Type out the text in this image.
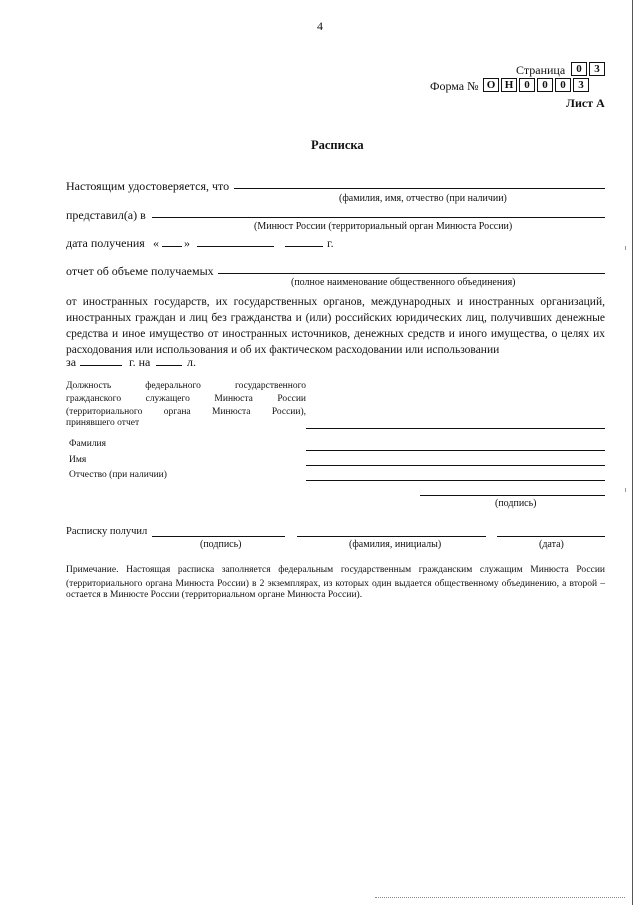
4
Страница	0	3
Форма № О Н 0	0	0	3
Лист А
Расписка
Настоящим удостоверяется, что
(фамилия, имя, отчество (при наличии)
представил(а) в
(Минюст России (территориальный орган Минюста России)
дата получения « »	г.
отчет об объеме получаемых
(полное наименование общественного объединения)
от иностранных государств, их государственных органов, международных и иностранных организаций,
иностранных граждан и лиц без гражданства и (или) российских юридических лиц, получивших денежные
средства и иное имущество от иностранных источников, денежных средств и иного имущества, о целях их
расходования или использования и об их фактическом расходовании или использовании
за	г. на	л.
Должность федерального государственного
гражданского служащего Минюста России
(территориального органа Минюста России),
принявшего отчет
Фамилия
Имя
Отчество (при наличии)
(подпись)
Расписку получил
(подпись)	(фамилия, инициалы)	(дата)
Примечание. Настоящая расписка заполняется федеральным государственным гражданским служащим Минюста России
(территориального органа Минюста России) в 2 экземплярах, из которых один выдается общественному объединению, а второй –
остается в Минюсте России (территориальном органе Минюста России).
